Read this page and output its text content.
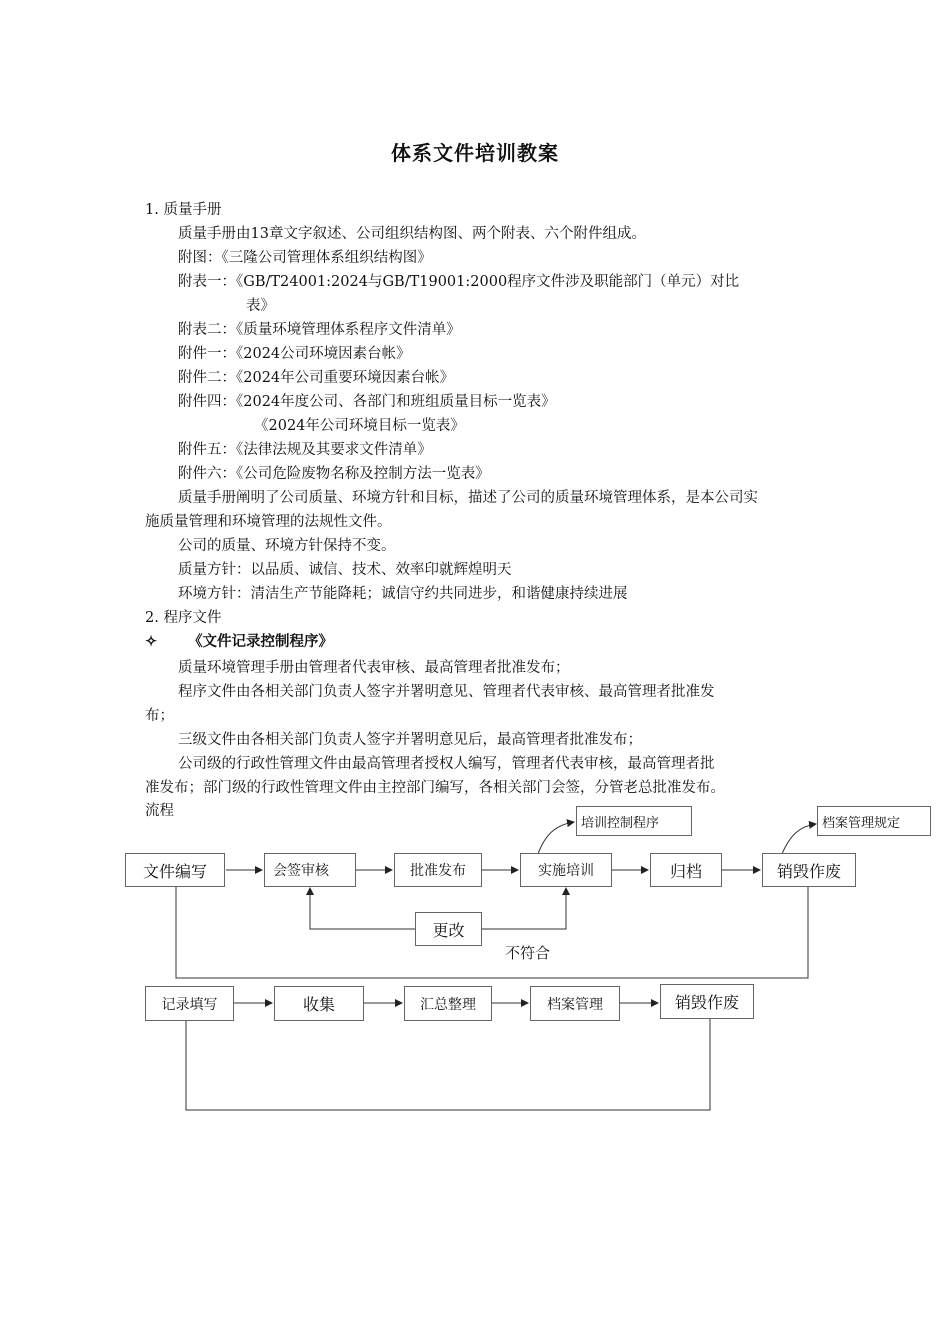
体系文件培训教案
1. 质量手册
质量手册由13章文字叙述、公司组织结构图、两个附表、六个附件组成。
附图：《三隆公司管理体系组织结构图》
附表一：《GB/T24001:2024与GB/T19001:2000程序文件涉及职能部门（单元）对比
表》
附表二：《质量环境管理体系程序文件清单》
附件一：《2024公司环境因素台帐》
附件二：《2024年公司重要环境因素台帐》
附件四：《2024年度公司、各部门和班组质量目标一览表》
《2024年公司环境目标一览表》
附件五：《法律法规及其要求文件清单》
附件六：《公司危险废物名称及控制方法一览表》
质量手册阐明了公司质量、环境方针和目标，描述了公司的质量环境管理体系，是本公司实
施质量管理和环境管理的法规性文件。
公司的质量、环境方针保持不变。
质量方针：以品质、诚信、技术、效率印就辉煌明天
环境方针：清洁生产节能降耗；诚信守约共同进步，和谐健康持续进展
2. 程序文件
✧ 《文件记录控制程序》
质量环境管理手册由管理者代表审核、最高管理者批准发布；
程序文件由各相关部门负责人签字并署明意见、管理者代表审核、最高管理者批准发
布；
三级文件由各相关部门负责人签字并署明意见后，最高管理者批准发布；
公司级的行政性管理文件由最高管理者授权人编写，管理者代表审核，最高管理者批
准发布；部门级的行政性管理文件由主控部门编写，各相关部门会签，分管老总批准发布。
流程
文件编写	会签审核	批准发布	实施培训	归档	销毁作废
培训控制程序	档案管理规定
更改
不符合
记录填写	收集	汇总整理	档案管理	销毁作废
